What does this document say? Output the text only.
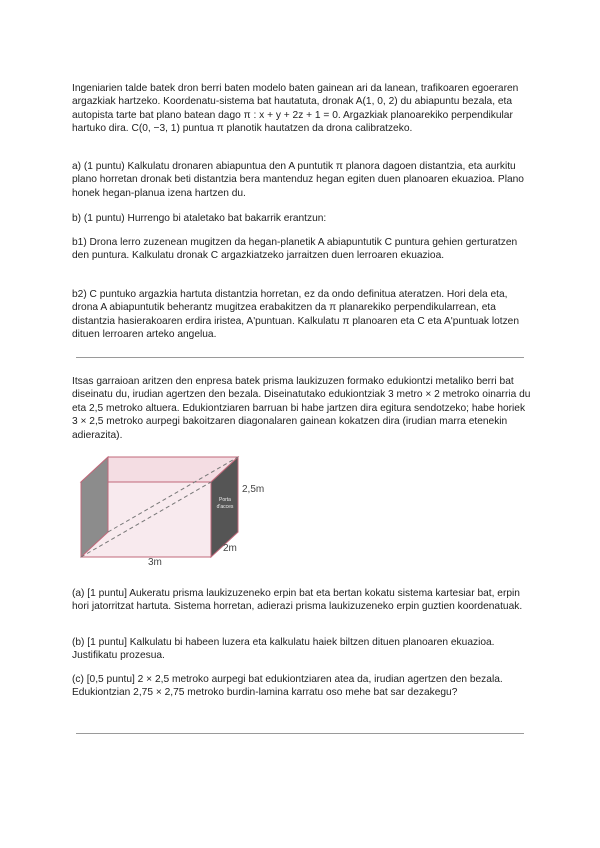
Ingeniarien talde batek dron berri baten modelo baten gainean ari da lanean, trafikoaren egoeraren argazkiak hartzeko. Koordenatu-sistema bat hautatuta, dronak A(1, 0, 2) du abiapuntu bezala, eta autopista tarte bat plano batean dago π : x + y + 2z + 1 = 0. Argazkiak planoarekiko perpendikular hartuko dira. C(0, −3, 1) puntua π planotik hautatzen da drona calibratzeko.

a) (1 puntu) Kalkulatu dronaren abiapuntua den A puntutik π planora dagoen distantzia, eta aurkitu plano horretan dronak beti distantzia bera mantenduz hegan egiten duen planoaren ekuazioa. Plano honek hegan-planua izena hartzen du.

b) (1 puntu) Hurrengo bi ataletako bat bakarrik erantzun:

b1) Drona lerro zuzenean mugitzen da hegan-planetik A abiapuntutik C puntura gehien gerturatzen den puntura. Kalkulatu dronak C argazkiatzeko jarraitzen duen lerroaren ekuazioa.

b2) C puntuko argazkia hartuta distantzia horretan, ez da ondo definitua ateratzen. Hori dela eta, drona A abiapuntutik beherantz mugitzea erabakitzen da π planarekiko perpendikularrean, eta distantzia hasierakoaren erdira iristea, A'puntuan. Kalkulatu π planoaren eta C eta A'puntuak lotzen dituen lerroaren arteko angelua.

Itsas garraioan aritzen den enpresa batek prisma laukizuzen formako edukiontzi metaliko berri bat diseinatu du, irudian agertzen den bezala. Diseinatutako edukiontziak 3 metro × 2 metroko oinarria du eta 2,5 metroko altuera. Edukiontziaren barruan bi habe jartzen dira egitura sendotzeko; habe horiek 3 × 2,5 metroko aurpegi bakoitzaren diagonalaren gainean kokatzen dira (irudian marra etenekin adierazita).

Porta
d'acces
2,5m
2m
3m

(a) [1 puntu] Aukeratu prisma laukizuzeneko erpin bat eta bertan kokatu sistema kartesiar bat, erpin hori jatorritzat hartuta. Sistema horretan, adierazi prisma laukizuzeneko erpin guztien koordenatuak.

(b) [1 puntu] Kalkulatu bi habeen luzera eta kalkulatu haiek biltzen dituen planoaren ekuazioa. Justifikatu prozesua.

(c) [0,5 puntu] 2 × 2,5 metroko aurpegi bat edukiontziaren atea da, irudian agertzen den bezala. Edukiontzian 2,75 × 2,75 metroko burdin-lamina karratu oso mehe bat sar dezakegu?
